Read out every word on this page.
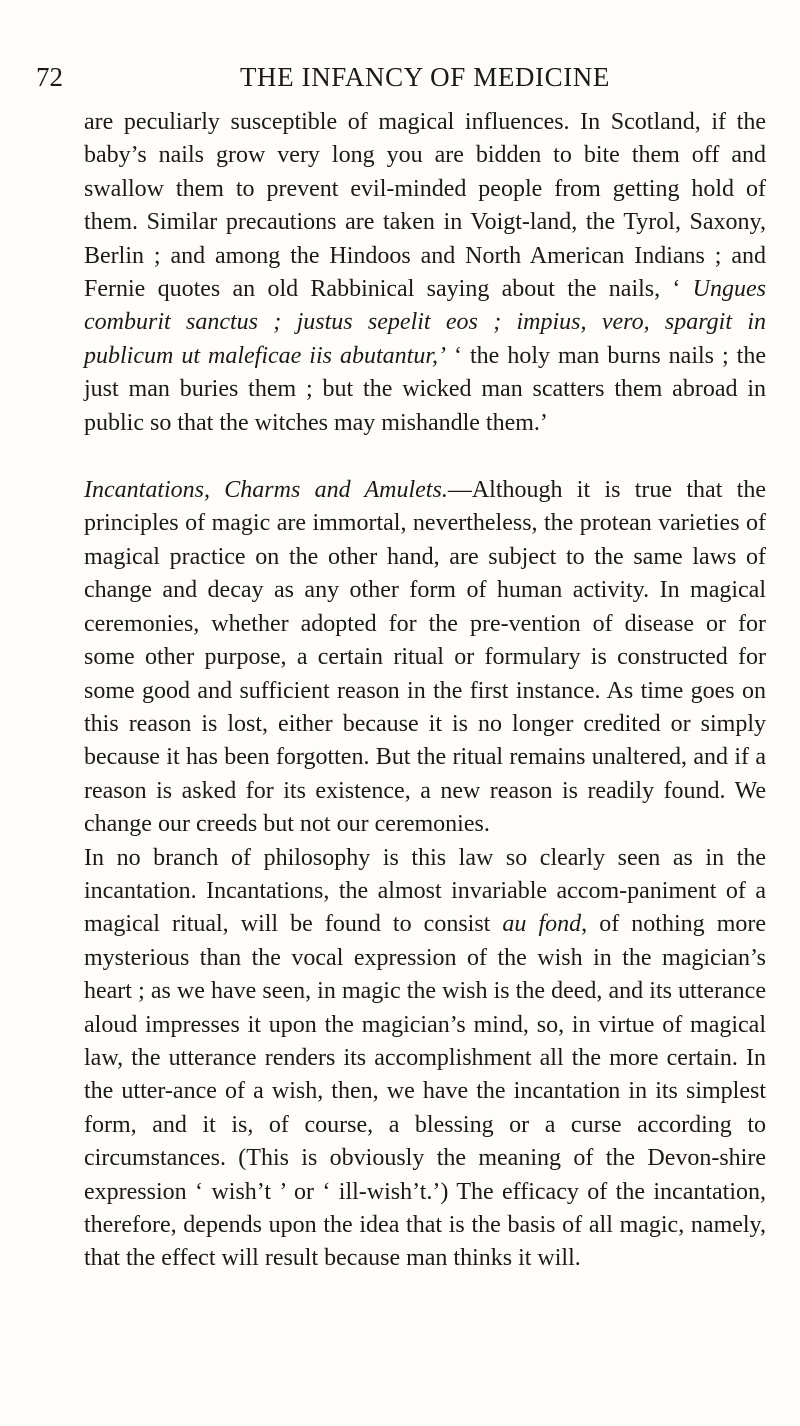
72	THE INFANCY OF MEDICINE

are peculiarly susceptible of magical influences. In Scotland, if the baby’s nails grow very long you are bidden to bite them off and swallow them to prevent evil-minded people from getting hold of them. Similar precautions are taken in Voigt-land, the Tyrol, Saxony, Berlin ; and among the Hindoos and North American Indians ; and Fernie quotes an old Rabbinical saying about the nails, ‘ Ungues comburit sanctus ; justus sepelit eos ; impius, vero, spargit in publicum ut maleficae iis abutantur,’ ‘ the holy man burns nails ; the just man buries them ; but the wicked man scatters them abroad in public so that the witches may mishandle them.’

Incantations, Charms and Amulets.—Although it is true that the principles of magic are immortal, nevertheless, the protean varieties of magical practice on the other hand, are subject to the same laws of change and decay as any other form of human activity. In magical ceremonies, whether adopted for the pre-vention of disease or for some other purpose, a certain ritual or formulary is constructed for some good and sufficient reason in the first instance. As time goes on this reason is lost, either because it is no longer credited or simply because it has been forgotten. But the ritual remains unaltered, and if a reason is asked for its existence, a new reason is readily found. We change our creeds but not our ceremonies.

In no branch of philosophy is this law so clearly seen as in the incantation. Incantations, the almost invariable accom-paniment of a magical ritual, will be found to consist au fond, of nothing more mysterious than the vocal expression of the wish in the magician’s heart ; as we have seen, in magic the wish is the deed, and its utterance aloud impresses it upon the magician’s mind, so, in virtue of magical law, the utterance renders its accomplishment all the more certain. In the utter-ance of a wish, then, we have the incantation in its simplest form, and it is, of course, a blessing or a curse according to circumstances. (This is obviously the meaning of the Devon-shire expression ‘ wish’t ’ or ‘ ill-wish’t.’) The efficacy of the incantation, therefore, depends upon the idea that is the basis of all magic, namely, that the effect will result because man thinks it will.
